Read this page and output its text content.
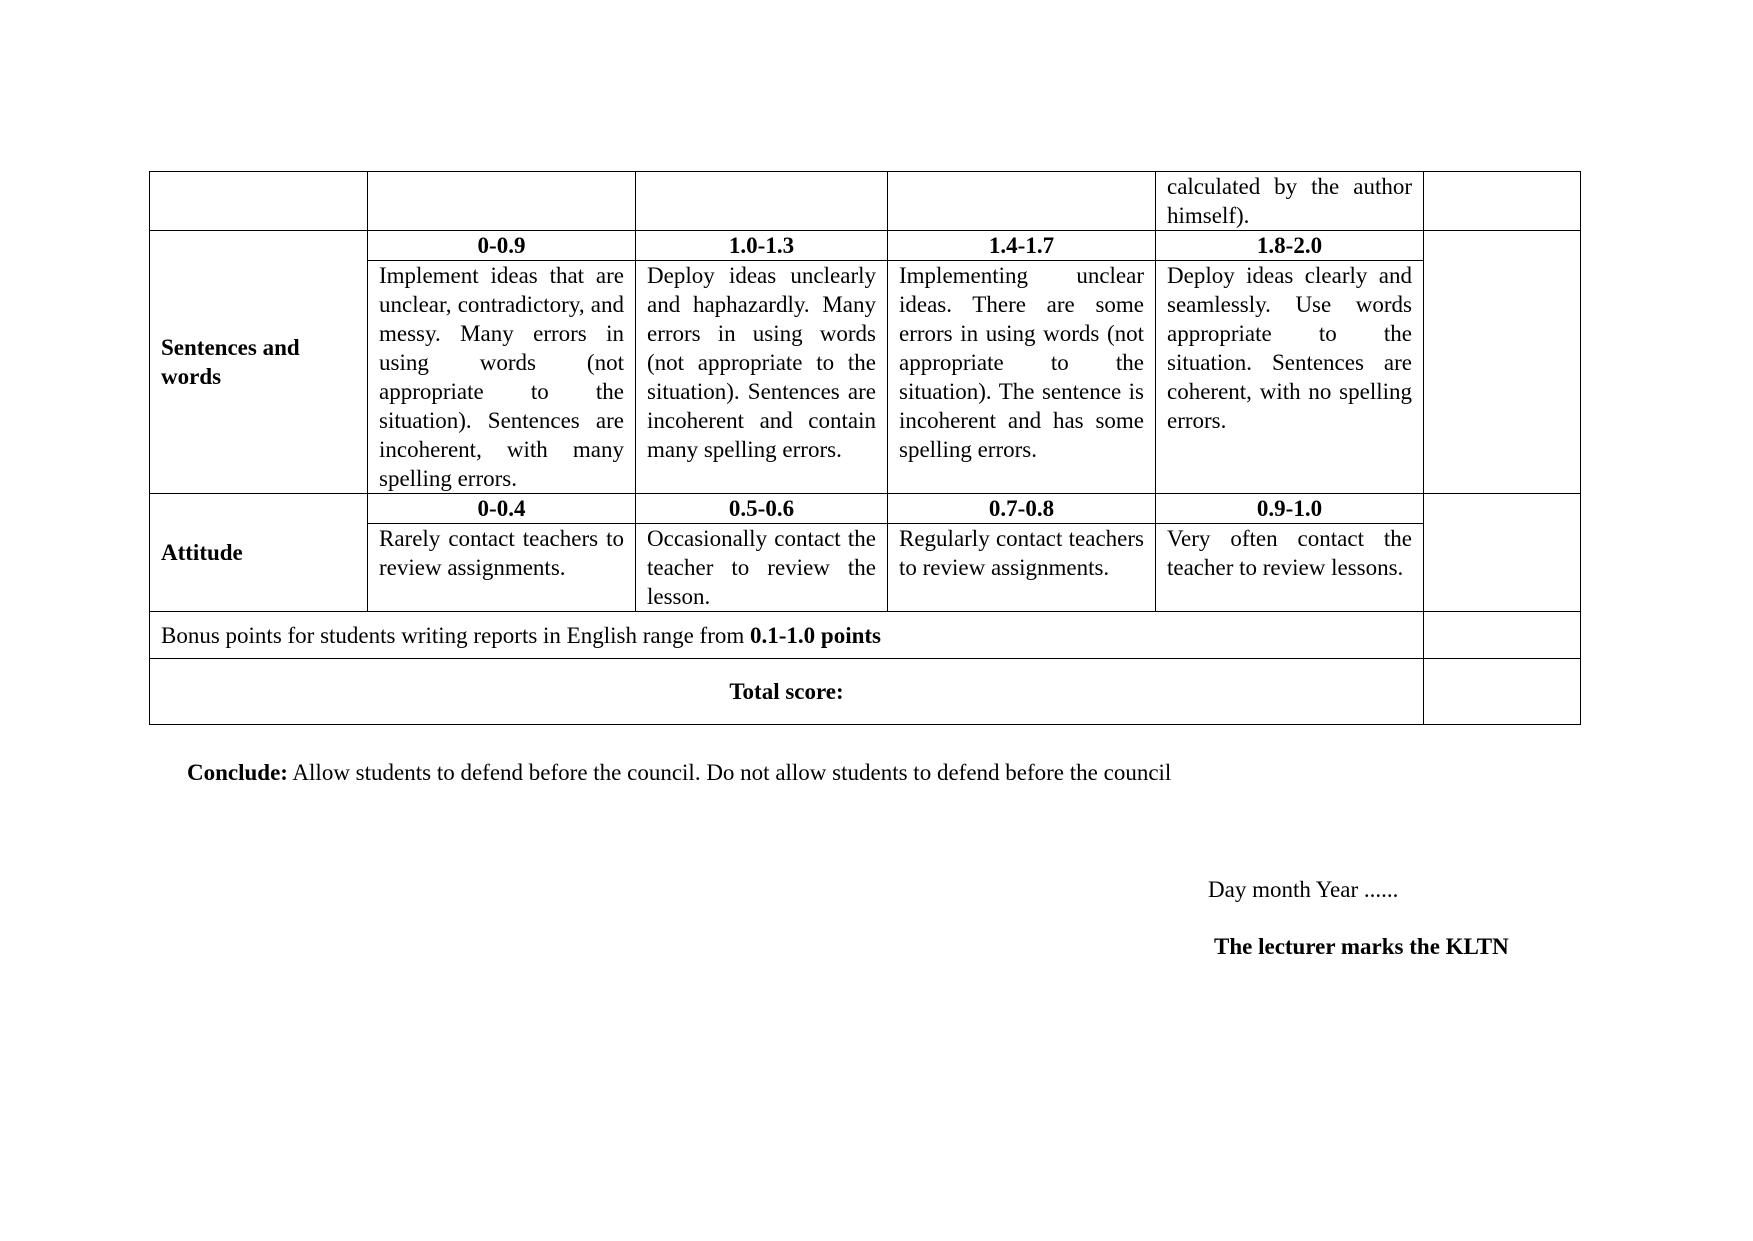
				calculated by the author himself).	
Sentences and words	0-0.9	1.0-1.3	1.4-1.7	1.8-2.0	
	Implement ideas that are unclear, contradictory, and messy. Many errors in using words (not appropriate to the situation). Sentences are incoherent, with many spelling errors.	Deploy ideas unclearly and haphazardly. Many errors in using words (not appropriate to the situation). Sentences are incoherent and contain many spelling errors.	Implementing unclear ideas. There are some errors in using words (not appropriate to the situation). The sentence is incoherent and has some spelling errors.	Deploy ideas clearly and seamlessly. Use words appropriate to the situation. Sentences are coherent, with no spelling errors.	
Attitude	0-0.4	0.5-0.6	0.7-0.8	0.9-1.0	
	Rarely contact teachers to review assignments.	Occasionally contact the teacher to review the lesson.	Regularly contact teachers to review assignments.	Very often contact the teacher to review lessons.	
Bonus points for students writing reports in English range from 0.1-1.0 points					
Total score:					
Conclude: Allow students to defend before the council. Do not allow students to defend before the council
Day month Year ......
The lecturer marks the KLTN
